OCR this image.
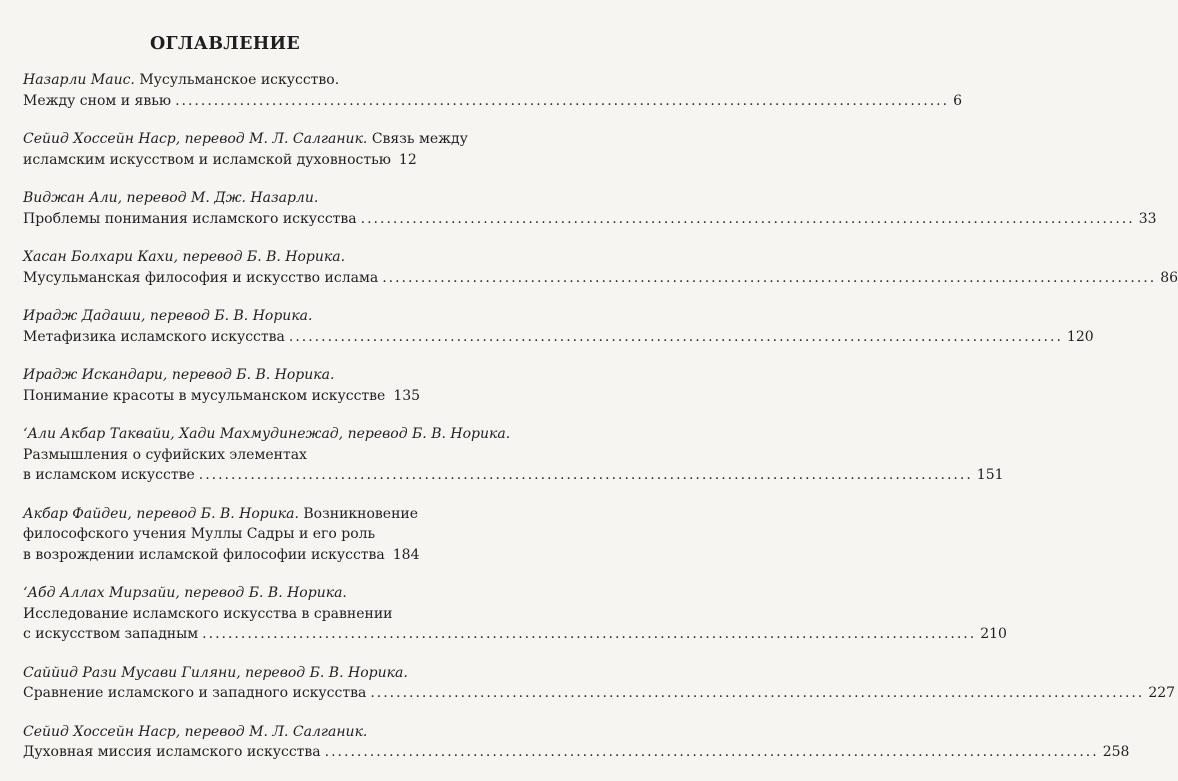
ОГЛАВЛЕНИЕ
Назарли Маис. Мусульманское искусство.
Между сном и явью ........................................................................................................................ 6
Сейид Хоссейн Наср, перевод М. Л. Салганик. Связь между
исламским искусством и исламской духовностью 12
Виджан Али, перевод М. Дж. Назарли.
Проблемы понимания исламского искусства ........................................................................................................................ 33
Хасан Болхари Кахи, перевод Б. В. Норика.
Мусульманская философия и искусство ислама ........................................................................................................................ 86
Ирадж Дадаши, перевод Б. В. Норика.
Метафизика исламского искусства ........................................................................................................................ 120
Ирадж Искандари, перевод Б. В. Норика.
Понимание красоты в мусульманском искусстве 135
‘Али Акбар Таквайи, Хади Махмудинежад, перевод Б. В. Норика.
Размышления о суфийских элементах
в исламском искусстве ........................................................................................................................ 151
Акбар Файдеи, перевод Б. В. Норика. Возникновение
философского учения Муллы Садры и его роль
в возрождении исламской философии искусства 184
‘Абд Аллах Мирзайи, перевод Б. В. Норика.
Исследование исламского искусства в сравнении
с искусством западным ........................................................................................................................ 210
Саййид Рази Мусави Гиляни, перевод Б. В. Норика.
Сравнение исламского и западного искусства ........................................................................................................................ 227
Сейид Хоссейн Наср, перевод М. Л. Салганик.
Духовная миссия исламского искусства ........................................................................................................................ 258
